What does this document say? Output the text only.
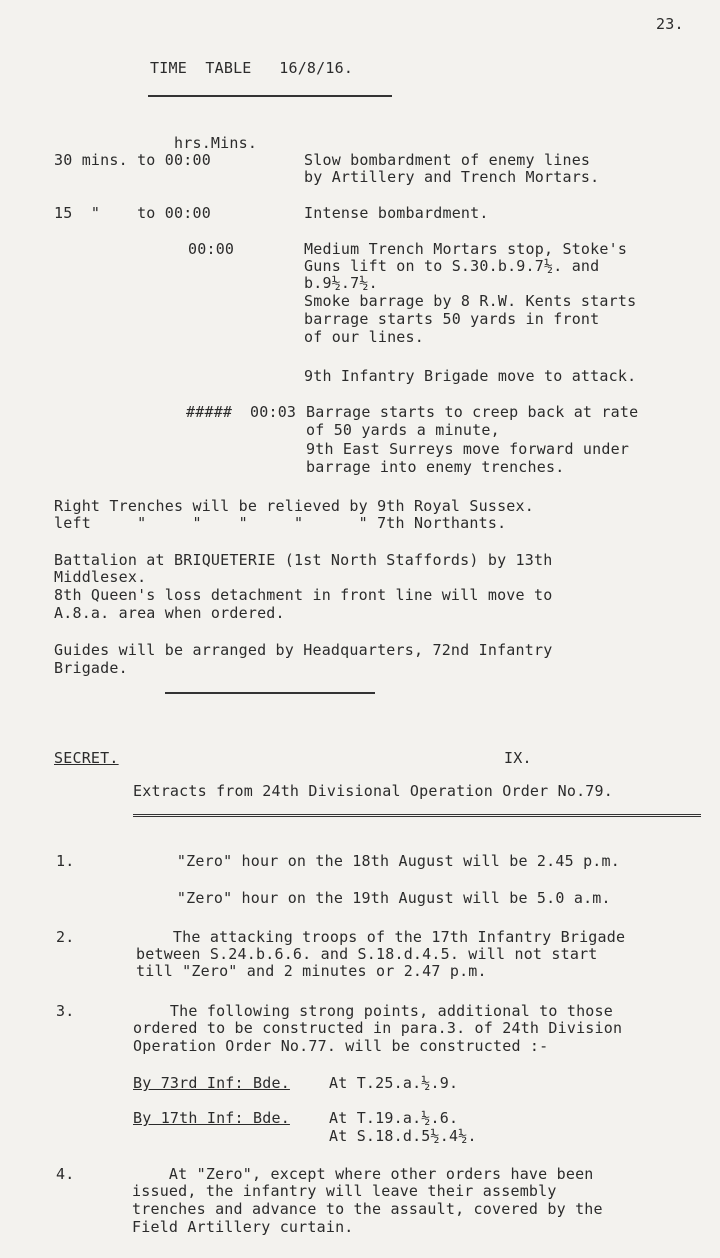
23.
TIME  TABLE   16/8/16.
hrs.Mins.
30 mins. to 00:00	Slow bombardment of enemy lines
by Artillery and Trench Mortars.
15  "    to 00:00	Intense bombardment.
00:00	Medium Trench Mortars stop, Stoke's
Guns lift on to S.30.b.9.7½. and
b.9½.7½.
Smoke barrage by 8 R.W. Kents starts
barrage starts 50 yards in front
of our lines.
9th Infantry Brigade move to attack.
##### 00:03 Barrage starts to creep back at rate
of 50 yards a minute,
9th East Surreys move forward under
barrage into enemy trenches.
Right Trenches will be relieved by 9th Royal Sussex.
left     "     "    "     "      " 7th Northants.
Battalion at BRIQUETERIE (1st North Staffords) by 13th
Middlesex.
8th Queen's loss detachment in front line will move to
A.8.a. area when ordered.
Guides will be arranged by Headquarters, 72nd Infantry
Brigade.
SECRET.	IX.
Extracts from 24th Divisional Operation Order No.79.
1.	"Zero" hour on the 18th August will be 2.45 p.m.
"Zero" hour on the 19th August will be 5.0 a.m.
2.	The attacking troops of the 17th Infantry Brigade
between S.24.b.6.6. and S.18.d.4.5. will not start
till "Zero" and 2 minutes or 2.47 p.m.
3.	The following strong points, additional to those
ordered to be constructed in para.3. of 24th Division
Operation Order No.77. will be constructed :-
By 73rd Inf: Bde.	At T.25.a.½.9.
By 17th Inf: Bde.	At T.19.a.½.6.
At S.18.d.5½.4½.
4.	At "Zero", except where other orders have been
issued, the infantry will leave their assembly
trenches and advance to the assault, covered by the
Field Artillery curtain.
